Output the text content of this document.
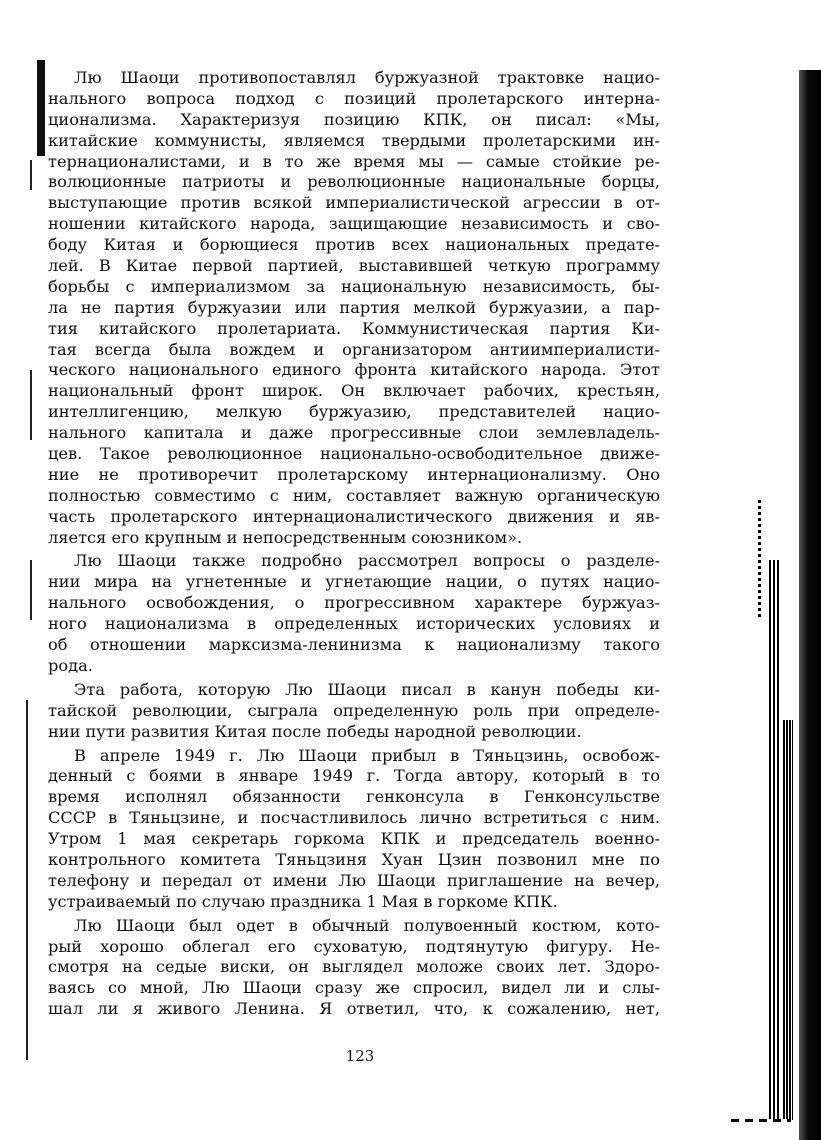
Лю Шаоци противопоставлял буржуазной трактовке нацио-
нального вопроса подход с позиций пролетарского интерна-
ционализма. Характеризуя позицию КПК, он писал: «Мы,
китайские коммунисты, являемся твердыми пролетарскими ин-
тернационалистами, и в то же время мы — самые стойкие ре-
волюционные патриоты и революционные национальные борцы,
выступающие против всякой империалистической агрессии в от-
ношении китайского народа, защищающие независимость и сво-
боду Китая и борющиеся против всех национальных предате-
лей. В Китае первой партией, выставившей четкую программу
борьбы с империализмом за национальную независимость, бы-
ла не партия буржуазии или партия мелкой буржуазии, а пар-
тия китайского пролетариата. Коммунистическая партия Ки-
тая всегда была вождем и организатором антиимпериалисти-
ческого национального единого фронта китайского народа. Этот
национальный фронт широк. Он включает рабочих, крестьян,
интеллигенцию, мелкую буржуазию, представителей нацио-
нального капитала и даже прогрессивные слои землевладель-
цев. Такое революционное национально-освободительное движе-
ние не противоречит пролетарскому интернационализму. Оно
полностью совместимо с ним, составляет важную органическую
часть пролетарского интернационалистического движения и яв-
ляется его крупным и непосредственным союзником».
Лю Шаоци также подробно рассмотрел вопросы о разделе-
нии мира на угнетенные и угнетающие нации, о путях нацио-
нального освобождения, о прогрессивном характере буржуаз-
ного национализма в определенных исторических условиях и
об отношении марксизма-ленинизма к национализму такого
рода.
Эта работа, которую Лю Шаоци писал в канун победы ки-
тайской революции, сыграла определенную роль при определе-
нии пути развития Китая после победы народной революции.
В апреле 1949 г. Лю Шаоци прибыл в Тяньцзинь, освобож-
денный с боями в январе 1949 г. Тогда автору, который в то
время исполнял обязанности генконсула в Генконсульстве
СССР в Тяньцзине, и посчастливилось лично встретиться с ним.
Утром 1 мая секретарь горкома КПК и председатель военно-
контрольного комитета Тяньцзиня Хуан Цзин позвонил мне по
телефону и передал от имени Лю Шаоци приглашение на вечер,
устраиваемый по случаю праздника 1 Мая в горкоме КПК.
Лю Шаоци был одет в обычный полувоенный костюм, кото-
рый хорошо облегал его суховатую, подтянутую фигуру. Не-
смотря на седые виски, он выглядел моложе своих лет. Здоро-
ваясь со мной, Лю Шаоци сразу же спросил, видел ли и слы-
шал ли я живого Ленина. Я ответил, что, к сожалению, нет,
123
